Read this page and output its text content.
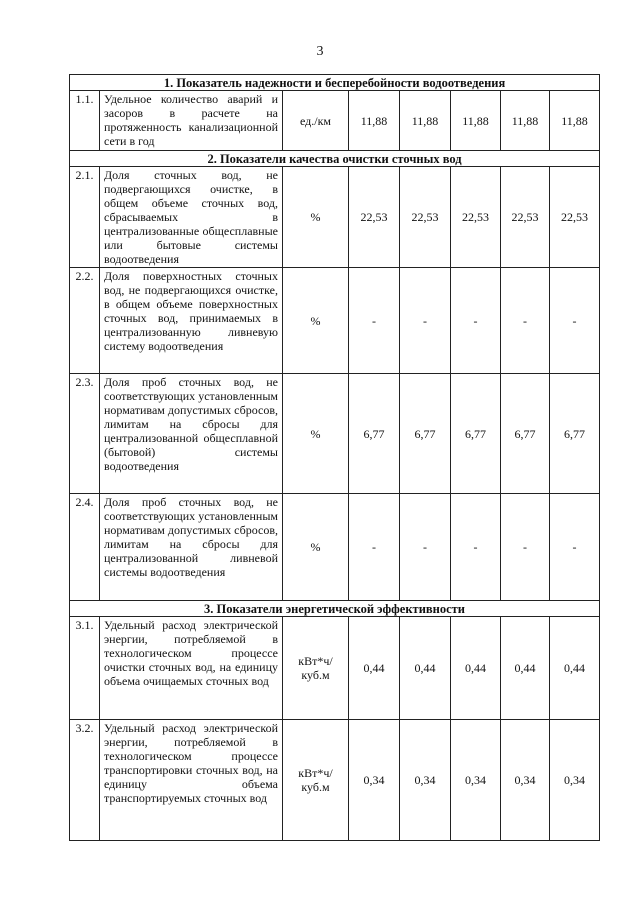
3
1. Показатель надежности и бесперебойности водоотведения							
1.1.	Удельное количество аварий и засоров в расчете на протяженность канализационной сети в год	ед./км	11,88	11,88	11,88	11,88	11,88
2. Показатели качества очистки сточных вод							
2.1.	Доля сточных вод, не подвергающихся очистке, в общем объеме сточных вод, сбрасываемых в централизованные общесплавные или бытовые системы водоотведения	%	22,53	22,53	22,53	22,53	22,53
2.2.	Доля поверхностных сточных вод, не подвергающихся очистке, в общем объеме поверхностных сточных вод, принимаемых в централизованную ливневую систему водоотведения	%	-	-	-	-	-
2.3.	Доля проб сточных вод, не соответствующих установленным нормативам допустимых сбросов, лимитам на сбросы для централизованной общесплавной (бытовой) системы водоотведения	%	6,77	6,77	6,77	6,77	6,77
2.4.	Доля проб сточных вод, не соответствующих установленным нормативам допустимых сбросов, лимитам на сбросы для централизованной ливневой системы водоотведения	%	-	-	-	-	-
3. Показатели энергетической эффективности							
3.1.	Удельный расход электрической энергии, потребляемой в технологическом процессе очистки сточных вод, на единицу объема очищаемых сточных вод	кВт*ч/ куб.м	0,44	0,44	0,44	0,44	0,44
3.2.	Удельный расход электрической энергии, потребляемой в технологическом процессе транспортировки сточных вод, на единицу объема транспортируемых сточных вод	кВт*ч/ куб.м	0,34	0,34	0,34	0,34	0,34
